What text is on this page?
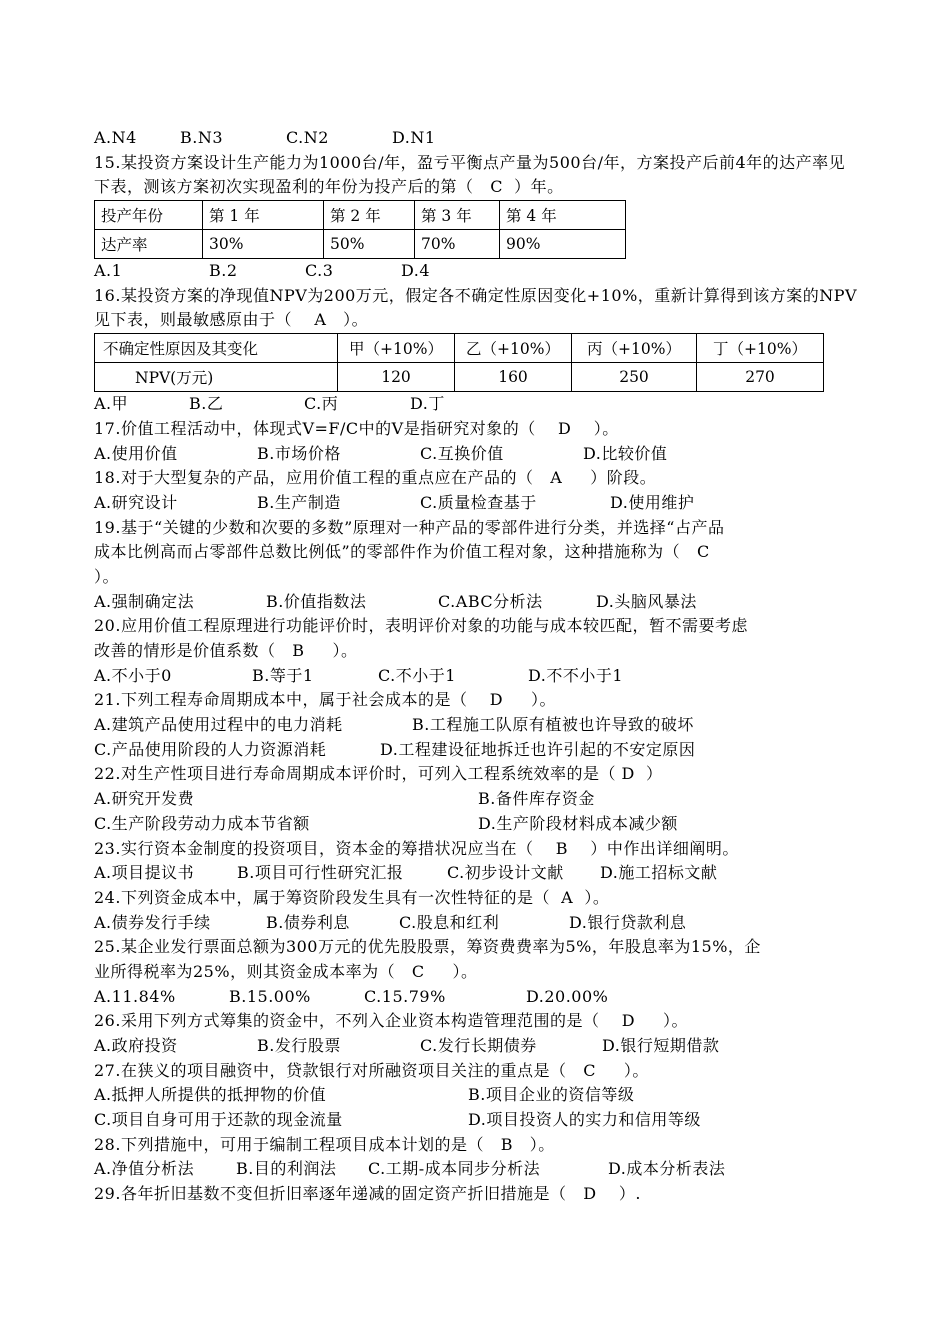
A.N4	B.N3	C.N2	D.N1
15.某投资方案设计生产能力为1000台/年，盈亏平衡点产量为500台/年，方案投产后前4年的达产率见
下表，测该方案初次实现盈利的年份为投产后的第（   C  ）年。
投产年份	第 1 年	第 2 年	第 3 年	第 4 年
达产率	30%	50%	70%	90%
A.1	B.2	C.3	D.4
16.某投资方案的净现值NPV为200万元，假定各不确定性原因变化+10%，重新计算得到该方案的NPV
见下表，则最敏感原由于（    A   ）。
不确定性原因及其变化	甲（+10%）	乙（+10%）	丙（+10%）	丁（+10%）
NPV(万元)	120	160	250	270
A.甲	B.乙	C.丙	D.丁
17.价值工程活动中，体现式V=F/C中的V是指研究对象的（    D    ）。
A.使用价值	B.市场价格	C.互换价值	D.比较价值
18.对于大型复杂的产品，应用价值工程的重点应在产品的（   A     ）阶段。
A.研究设计	B.生产制造	C.质量检查基于	D.使用维护
19.基于“关键的少数和次要的多数”原理对一种产品的零部件进行分类，并选择“占产品
成本比例高而占零部件总数比例低”的零部件作为价值工程对象，这种措施称为（   C
）。
A.强制确定法	B.价值指数法	C.ABC分析法	D.头脑风暴法
20.应用价值工程原理进行功能评价时，表明评价对象的功能与成本较匹配，暂不需要考虑
改善的情形是价值系数（   B     ）。
A.不小于0	B.等于1	C.不小于1	D.不不小于1
21.下列工程寿命周期成本中，属于社会成本的是（    D     ）。
A.建筑产品使用过程中的电力消耗	B.工程施工队原有植被也许导致的破坏
C.产品使用阶段的人力资源消耗	D.工程建设征地拆迁也许引起的不安定原因
22.对生产性项目进行寿命周期成本评价时，可列入工程系统效率的是（ D  ）
A.研究开发费	B.备件库存资金
C.生产阶段劳动力成本节省额	D.生产阶段材料成本减少额
23.实行资本金制度的投资项目，资本金的筹措状况应当在（    B    ）中作出详细阐明。
A.项目提议书	B.项目可行性研究汇报	C.初步设计文献	D.施工招标文献
24.下列资金成本中，属于筹资阶段发生具有一次性特征的是（  A  ）。
A.债券发行手续	B.债券利息	C.股息和红利	D.银行贷款利息
25.某企业发行票面总额为300万元的优先股股票，筹资费费率为5%，年股息率为15%，企
业所得税率为25%，则其资金成本率为（   C     ）。
A.11.84%	B.15.00%	C.15.79%	D.20.00%
26.采用下列方式筹集的资金中，不列入企业资本构造管理范围的是（    D     ）。
A.政府投资	B.发行股票	C.发行长期债券	D.银行短期借款
27.在狭义的项目融资中，贷款银行对所融资项目关注的重点是（   C     ）。
A.抵押人所提供的抵押物的价值	B.项目企业的资信等级
C.项目自身可用于还款的现金流量	D.项目投资人的实力和信用等级
28.下列措施中，可用于编制工程项目成本计划的是（   B   ）。
A.净值分析法	B.目的利润法	C.工期-成本同步分析法	D.成本分析表法
29.各年折旧基数不变但折旧率逐年递减的固定资产折旧措施是（   D    ）.
